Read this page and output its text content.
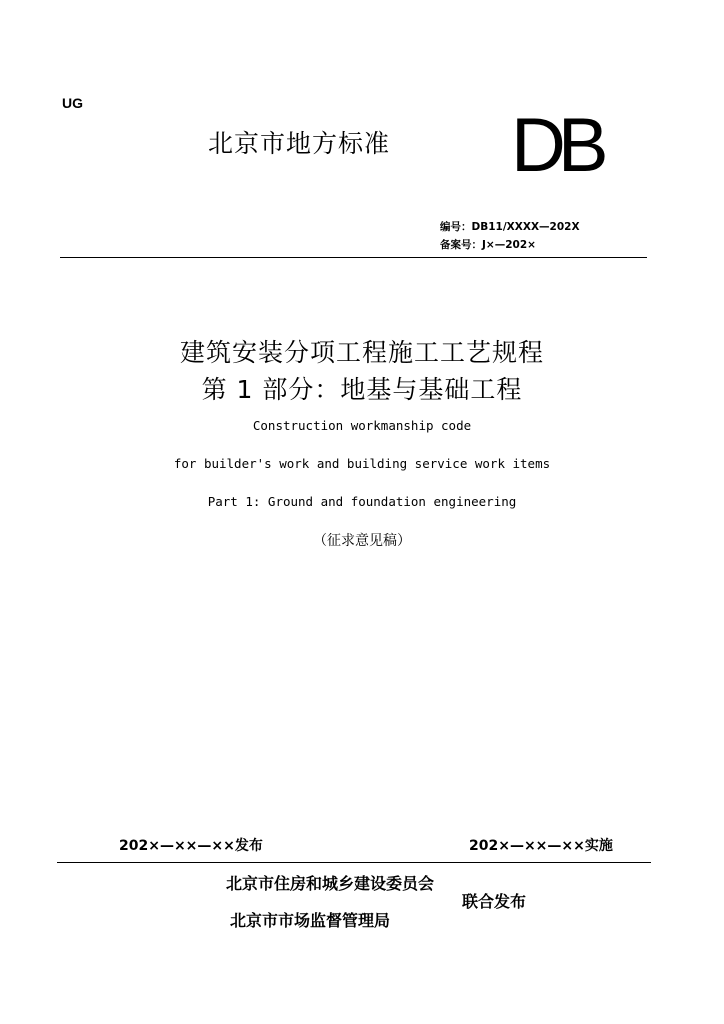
UG
北京市地方标准 DB
编号：DB11/XXXX—202X
备案号：J×—202×
建筑安装分项工程施工工艺规程
第 1 部分：地基与基础工程
Construction workmanship code
for builder's work and building service work items
Part 1: Ground and foundation engineering
（征求意见稿）
202×—××—××发布	202×—××—××实施
北京市住房和城乡建设委员会
北京市市场监督管理局
联合发布
